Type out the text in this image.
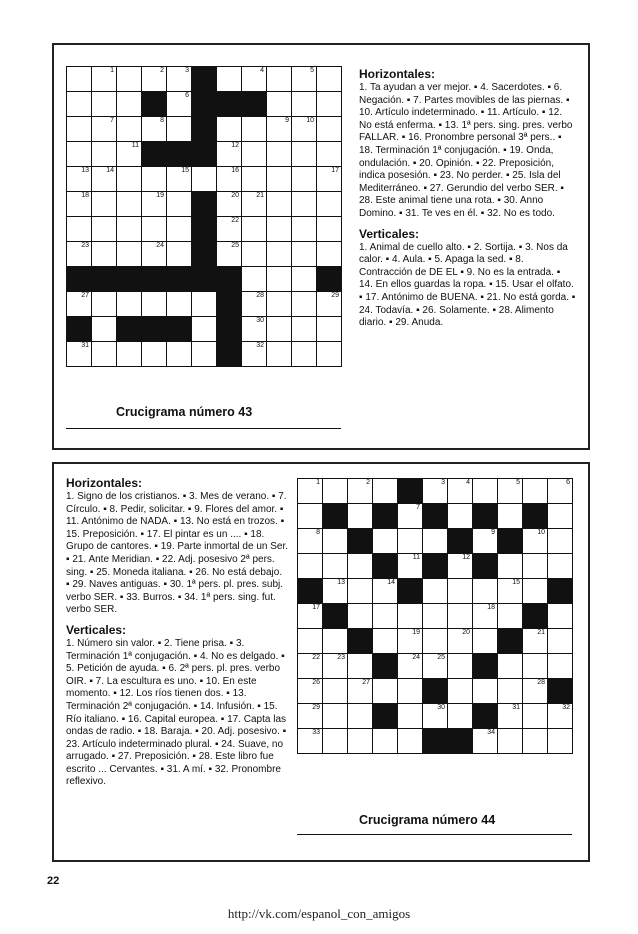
1	2	3	4	5
6
7	8	9 10
11	12
13 14	15	16	17
18	19	20 21
22
23	24	25
26
27	28	29
30
31	32
Horizontales:

1. Ta ayudan a ver mejor. ▪ 4. Sacerdotes. ▪ 6. Negación. ▪ 7. Partes movibles de las piernas. ▪ 10. Artículo indeterminado. ▪ 11. Artículo. ▪ 12. No está enferma. ▪ 13. 1ª pers. sing. pres. verbo FALLAR. ▪ 16. Pronombre personal 3ª pers.. ▪ 18. Terminación 1ª conjugación. ▪ 19. Onda, ondulación. ▪ 20. Opinión. ▪ 22. Preposición, indica posesión. ▪ 23. No perder. ▪ 25. Isla del Mediterráneo. ▪ 27. Gerundio del verbo SER. ▪ 28. Este animal tiene una rota. ▪ 30. Anno Domino. ▪ 31. Te ves en él. ▪ 32. No es todo.

Verticales:

1. Animal de cuello alto. ▪ 2. Sortija. ▪ 3. Nos da calor. ▪ 4. Aula. ▪ 5. Apaga la sed. ▪ 8. Contracción de DE EL ▪ 9. No es la entrada. ▪ 14. En ellos guardas la ropa. ▪ 15. Usar el olfato. ▪ 17. Antónimo de BUENA. ▪ 21. No está gorda. ▪ 24. Todavía. ▪ 26. Solamente. ▪ 28. Alimento diario. ▪ 29. Anuda.

Crucigrama número 43
Horizontales:

1. Signo de los cristianos. ▪ 3. Mes de verano. ▪ 7. Círculo. ▪ 8. Pedir, solicitar. ▪ 9. Flores del amor. ▪ 11. Antónimo de NADA. ▪ 13. No está en trozos. ▪ 15. Preposición. ▪ 17. El pintar es un .... ▪ 18. Grupo de cantores. ▪ 19. Parte inmortal de un Ser. ▪ 21. Ante Meridian. ▪ 22. Adj. posesivo 2ª pers. sing. ▪ 25. Moneda italiana. ▪ 26. No está debajo. ▪ 29. Naves antiguas. ▪ 30. 1ª pers. pl. pres. subj. verbo SER. ▪ 33. Burros. ▪ 34. 1ª pers. sing. fut. verbo SER.

Verticales:

1. Número sin valor. ▪ 2. Tiene prisa. ▪ 3. Terminación 1ª conjugación. ▪ 4. No es delgado. ▪ 5. Petición de ayuda. ▪ 6. 2ª pers. pl. pres. verbo OIR. ▪ 7. La escultura es uno. ▪ 10. En este momento. ▪ 12. Los ríos tienen dos. ▪ 13. Terminación 2ª conjugación. ▪ 14. Infusión. ▪ 15. Río italiano. ▪ 16. Capital europea. ▪ 17. Capta las ondas de radio. ▪ 18. Baraja. ▪ 20. Adj. posesivo. ▪ 23. Artículo indeterminado plural. ▪ 24. Suave, no arrugado. ▪ 27. Preposición. ▪ 28. Este libro fue escrito ... Cervantes. ▪ 31. A mí. ▪ 32. Pronombre reflexivo.

1	2	3	4	5	6
7
8	9	10
11	12
13	14	15	16
17	18
19	20	21
22 23	24 25
26	27	28
29	30	31	32
33	34
Crucigrama número 44
22
http://vk.com/espanol_con_amigos
